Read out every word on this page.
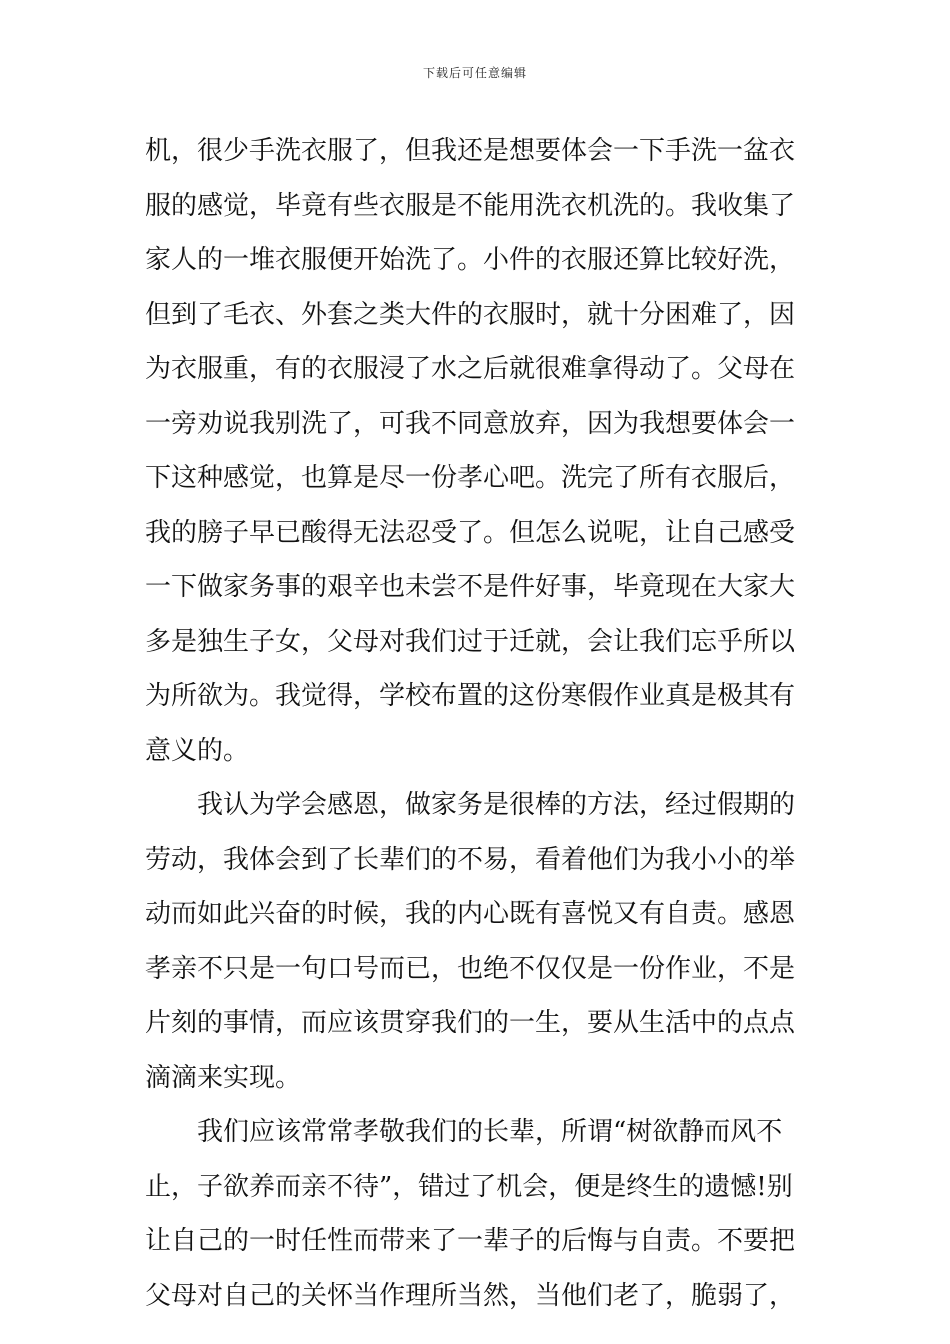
下载后可任意编辑
机，很少手洗衣服了，但我还是想要体会一下手洗一盆衣
服的感觉，毕竟有些衣服是不能用洗衣机洗的。我收集了
家人的一堆衣服便开始洗了。小件的衣服还算比较好洗，
但到了毛衣、外套之类大件的衣服时，就十分困难了，因
为衣服重，有的衣服浸了水之后就很难拿得动了。父母在
一旁劝说我别洗了，可我不同意放弃，因为我想要体会一
下这种感觉，也算是尽一份孝心吧。洗完了所有衣服后，
我的膀子早已酸得无法忍受了。但怎么说呢，让自己感受
一下做家务事的艰辛也未尝不是件好事，毕竟现在大家大
多是独生子女，父母对我们过于迁就，会让我们忘乎所以
为所欲为。我觉得，学校布置的这份寒假作业真是极其有
意义的。
　　我认为学会感恩，做家务是很棒的方法，经过假期的
劳动，我体会到了长辈们的不易，看着他们为我小小的举
动而如此兴奋的时候，我的内心既有喜悦又有自责。感恩
孝亲不只是一句口号而已，也绝不仅仅是一份作业，不是
片刻的事情，而应该贯穿我们的一生，要从生活中的点点
滴滴来实现。
　　我们应该常常孝敬我们的长辈，所谓“树欲静而风不
止，子欲养而亲不待”，错过了机会，便是终生的遗憾!别
让自己的一时任性而带来了一辈子的后悔与自责。不要把
父母对自己的关怀当作理所当然，当他们老了，脆弱了，
